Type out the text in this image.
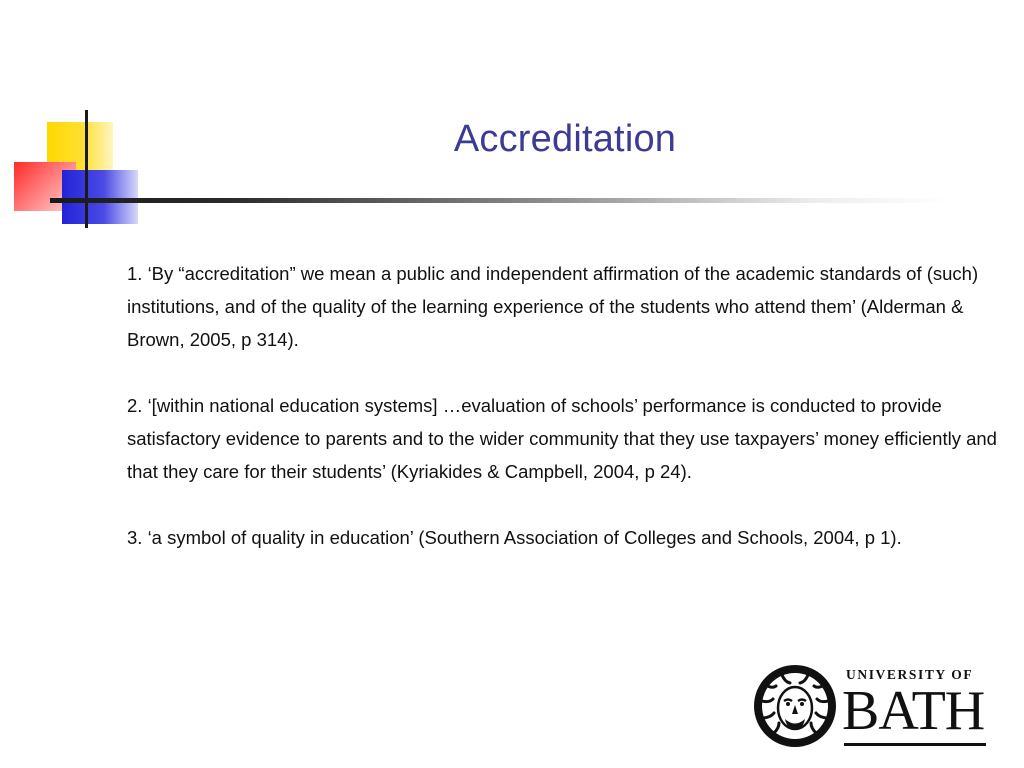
Accreditation

1. ‘By “accreditation” we mean a public and independent affirmation of the academic standards of (such) institutions, and of the quality of the learning experience of the students who attend them’ (Alderman & Brown, 2005, p 314).

2. ‘[within national education systems] …evaluation of schools’ performance is conducted to provide satisfactory evidence to parents and to the wider community that they use taxpayers’ money efficiently and that they care for their students’ (Kyriakides & Campbell, 2004, p 24).

3. ‘a symbol of quality in education’ (Southern Association of Colleges and Schools, 2004, p 1).

UNIVERSITY OF
BATH
